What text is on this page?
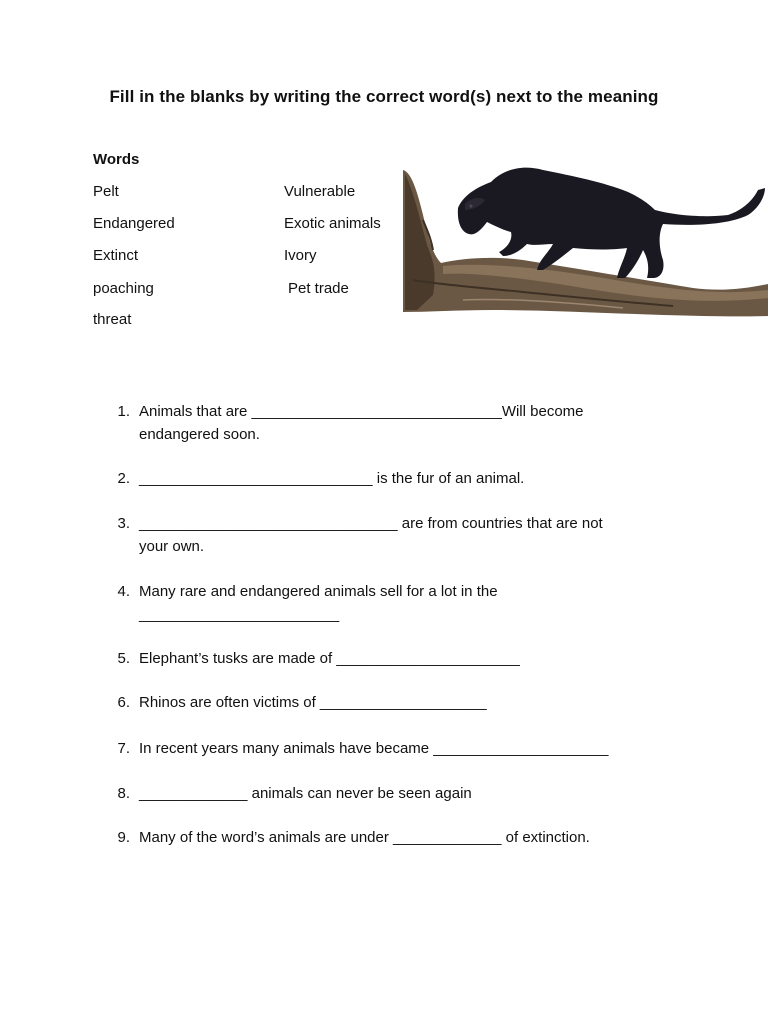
Fill in the blanks by writing the correct word(s) next to the meaning
Words
Pelt
Endangered
Extinct
poaching
threat
Vulnerable
Exotic animals
Ivory
Pet trade
1. Animals that are ______________________________Will become
endangered soon.
2. ____________________________ is the fur of an animal.
3. _______________________________ are from countries that are not
your own.
4. Many rare and endangered animals sell for a lot in the
________________________
5. Elephant’s tusks are made of ______________________
6. Rhinos are often victims of ____________________
7. In recent years many animals have became _____________________
8. _____________ animals can never be seen again
9. Many of the word’s animals are under _____________ of extinction.
